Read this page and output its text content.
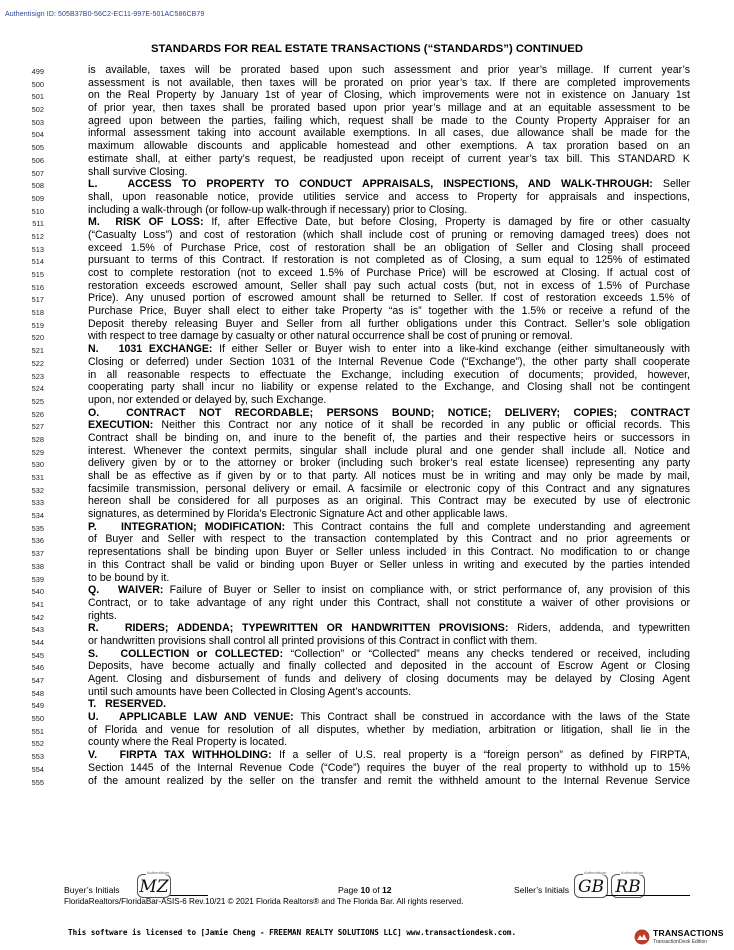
Authentisign ID: 505B37B0-56C2-EC11-997E-501AC586CB79
STANDARDS FOR REAL ESTATE TRANSACTIONS (“STANDARDS”) CONTINUED
499	is available, taxes will be prorated based upon such assessment and prior year’s millage. If current year’s
500	assessment is not available, then taxes will be prorated on prior year’s tax. If there are completed improvements
501	on the Real Property by January 1st of year of Closing, which improvements were not in existence on January 1st
502	of prior year, then taxes shall be prorated based upon prior year’s millage and at an equitable assessment to be
503	agreed upon between the parties, failing which, request shall be made to the County Property Appraiser for an
504	informal assessment taking into account available exemptions. In all cases, due allowance shall be made for the
505	maximum allowable discounts and applicable homestead and other exemptions. A tax proration based on an
506	estimate shall, at either party’s request, be readjusted upon receipt of current year’s tax bill. This STANDARD K
507	shall survive Closing.
508	L.   ACCESS TO PROPERTY TO CONDUCT APPRAISALS, INSPECTIONS, AND WALK-THROUGH: Seller
509	shall, upon reasonable notice, provide utilities service and access to Property for appraisals and inspections,
510	including a walk-through (or follow-up walk-through if necessary) prior to Closing.
511	M.  RISK OF LOSS: If, after Effective Date, but before Closing, Property is damaged by fire or other casualty
512	(“Casualty Loss”) and cost of restoration (which shall include cost of pruning or removing damaged trees) does not
513	exceed 1.5% of Purchase Price, cost of restoration shall be an obligation of Seller and Closing shall proceed
514	pursuant to terms of this Contract. If restoration is not completed as of Closing, a sum equal to 125% of estimated
515	cost to complete restoration (not to exceed 1.5% of Purchase Price) will be escrowed at Closing. If actual cost of
516	restoration exceeds escrowed amount, Seller shall pay such actual costs (but, not in excess of 1.5% of Purchase
517	Price). Any unused portion of escrowed amount shall be returned to Seller. If cost of restoration exceeds 1.5% of
518	Purchase Price, Buyer shall elect to either take Property “as is” together with the 1.5% or receive a refund of the
519	Deposit thereby releasing Buyer and Seller from all further obligations under this Contract. Seller’s sole obligation
520	with respect to tree damage by casualty or other natural occurrence shall be cost of pruning or removal.
521	N.   1031 EXCHANGE: If either Seller or Buyer wish to enter into a like-kind exchange (either simultaneously with
522	Closing or deferred) under Section 1031 of the Internal Revenue Code (“Exchange”), the other party shall cooperate
523	in all reasonable respects to effectuate the Exchange, including execution of documents; provided, however,
524	cooperating party shall incur no liability or expense related to the Exchange, and Closing shall not be contingent
525	upon, nor extended or delayed by, such Exchange.
526	O.  CONTRACT NOT RECORDABLE; PERSONS BOUND; NOTICE; DELIVERY; COPIES; CONTRACT
527	EXECUTION: Neither this Contract nor any notice of it shall be recorded in any public or official records. This
528	Contract shall be binding on, and inure to the benefit of, the parties and their respective heirs or successors in
529	interest. Whenever the context permits, singular shall include plural and one gender shall include all. Notice and
530	delivery given by or to the attorney or broker (including such broker’s real estate licensee) representing any party
531	shall be as effective as if given by or to that party. All notices must be in writing and may only be made by mail,
532	facsimile transmission, personal delivery or email. A facsimile or electronic copy of this Contract and any signatures
533	hereon shall be considered for all purposes as an original. This Contract may be executed by use of electronic
534	signatures, as determined by Florida’s Electronic Signature Act and other applicable laws.
535	P.   INTEGRATION; MODIFICATION: This Contract contains the full and complete understanding and agreement
536	of Buyer and Seller with respect to the transaction contemplated by this Contract and no prior agreements or
537	representations shall be binding upon Buyer or Seller unless included in this Contract. No modification to or change
538	in this Contract shall be valid or binding upon Buyer or Seller unless in writing and executed by the parties intended
539	to be bound by it.
540	Q.   WAIVER: Failure of Buyer or Seller to insist on compliance with, or strict performance of, any provision of this
541	Contract, or to take advantage of any right under this Contract, shall not constitute a waiver of other provisions or
542	rights.
543	R.   RIDERS; ADDENDA; TYPEWRITTEN OR HANDWRITTEN PROVISIONS: Riders, addenda, and typewritten
544	or handwritten provisions shall control all printed provisions of this Contract in conflict with them.
545	S.   COLLECTION or COLLECTED: “Collection” or “Collected” means any checks tendered or received, including
546	Deposits, have become actually and finally collected and deposited in the account of Escrow Agent or Closing
547	Agent. Closing and disbursement of funds and delivery of closing documents may be delayed by Closing Agent
548	until such amounts have been Collected in Closing Agent’s accounts.
549	T.   RESERVED.
550	U.   APPLICABLE LAW AND VENUE: This Contract shall be construed in accordance with the laws of the State
551	of Florida and venue for resolution of all disputes, whether by mediation, arbitration or litigation, shall lie in the
552	county where the Real Property is located.
553	V.   FIRPTA TAX WITHHOLDING: If a seller of U.S. real property is a “foreign person” as defined by FIRPTA,
554	Section 1445 of the Internal Revenue Code (“Code”) requires the buyer of the real property to withhold up to 15%
555	of the amount realized by the seller on the transfer and remit the withheld amount to the Internal Revenue Service
Buyer’s Initials
Authentisign
MZ	Page 10 of 12	Seller’s Initials
Authentisign
GB
Authentisign
RB
FloridaRealtors/FloridaBar-ASIS-6 Rev.10/21 © 2021 Florida Realtors® and The Florida Bar. All rights reserved.
This software is licensed to [Jamie Cheng - FREEMAN REALTY SOLUTIONS LLC] www.transactiondesk.com.	TRANSACTIONS
TransactionDesk Edition
